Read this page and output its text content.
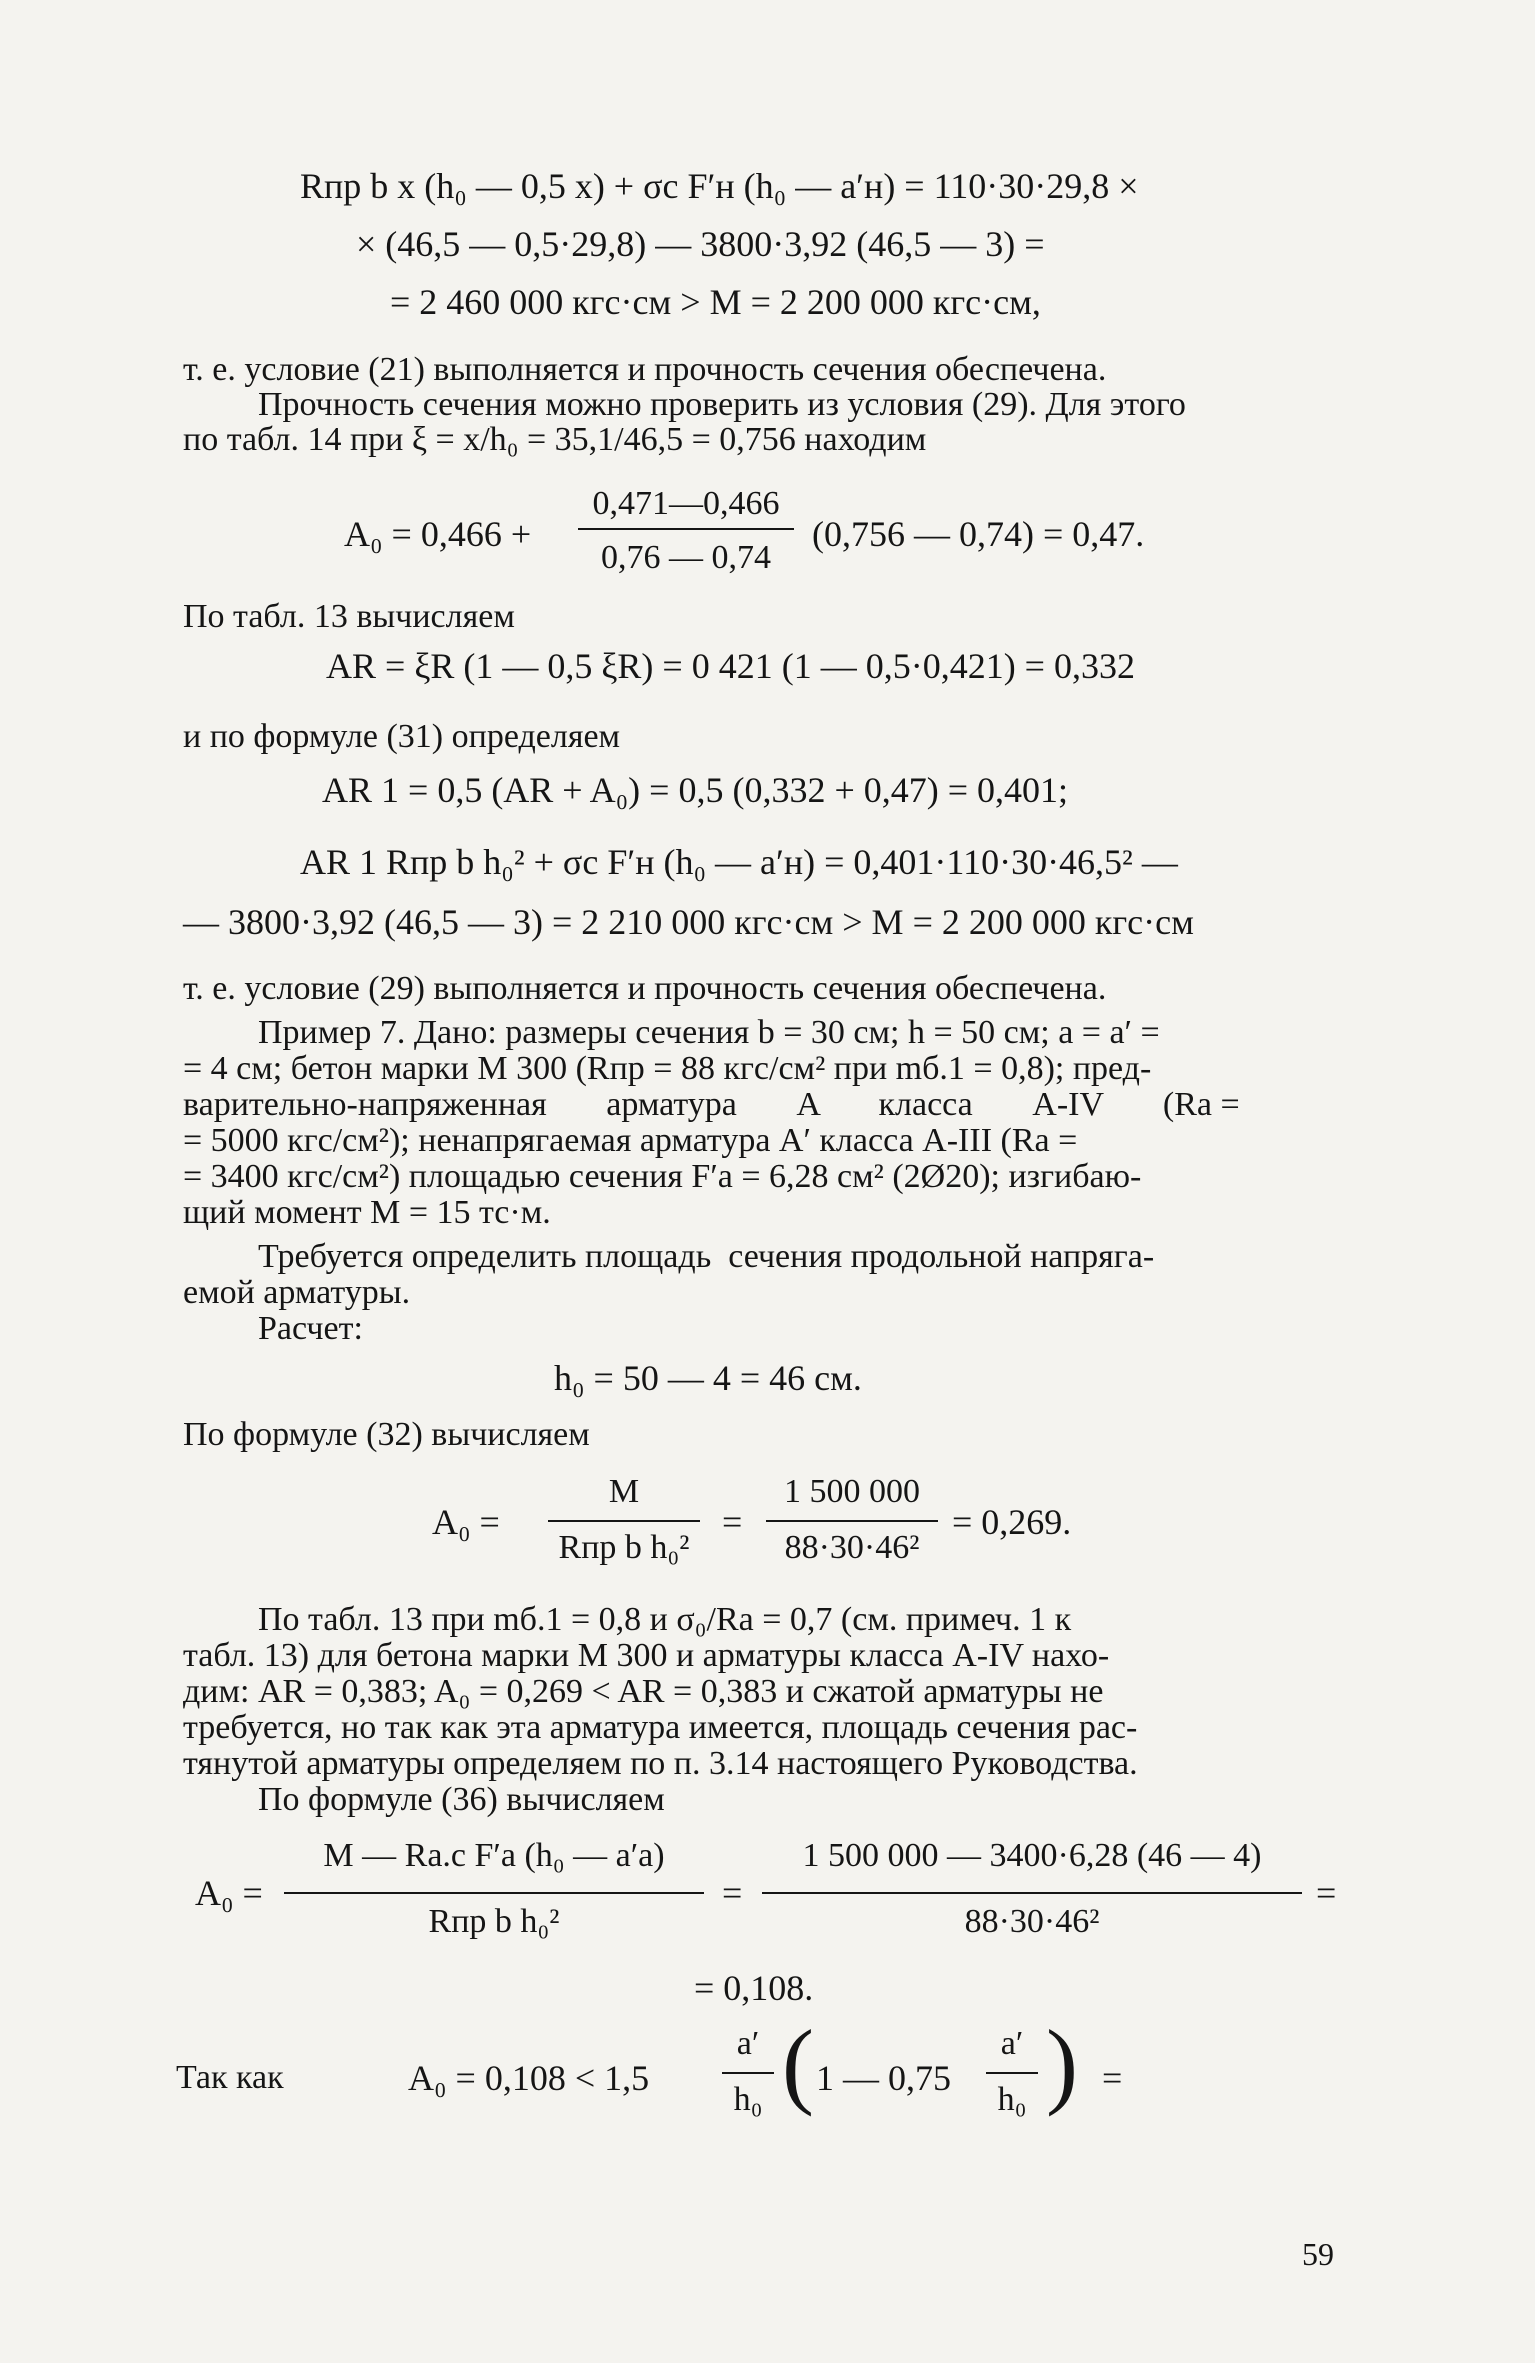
Rпр b x (h₀ — 0,5 x) + σс F′н (h₀ — a′н) = 110·30·29,8 ×
× (46,5 — 0,5·29,8) — 3800·3,92 (46,5 — 3) =
= 2 460 000 кгс·см > M = 2 200 000 кгс·см,
т. е. условие (21) выполняется и прочность сечения обеспечена.
Прочность сечения можно проверить из условия (29). Для этого
по табл. 14 при ξ = x/h₀ = 35,1/46,5 = 0,756 находим
A₀ = 0,466 +
0,471—0,466
0,76 — 0,74
(0,756 — 0,74) = 0,47.
По табл. 13 вычисляем
AR = ξR (1 — 0,5 ξR) = 0 421 (1 — 0,5·0,421) = 0,332
и по формуле (31) определяем
AR 1 = 0,5 (AR + A₀) = 0,5 (0,332 + 0,47) = 0,401;
AR 1 Rпр b h₀² + σс F′н (h₀ — a′н) = 0,401·110·30·46,5² —
— 3800·3,92 (46,5 — 3) = 2 210 000 кгс·см > M = 2 200 000 кгс·см
т. е. условие (29) выполняется и прочность сечения обеспечена.
Пример 7. Дано: размеры сечения b = 30 см; h = 50 см; a = a′ =
= 4 см; бетон марки М 300 (Rпр = 88 кгс/см² при mб.1 = 0,8); пред-
варительно-напряженная       арматура       A       класса       A-IV       (Rа =
= 5000 кгс/см²); ненапрягаемая арматура A′ класса A-III (Rа =
= 3400 кгс/см²) площадью сечения F′а = 6,28 см² (2Ø20); изгибаю-
щий момент M = 15 тс·м.
Требуется определить площадь  сечения продольной напряга-
емой арматуры.
Расчет:
h₀ = 50 — 4 = 46 см.
По формуле (32) вычисляем
A₀ =
M
Rпр b h₀²
=
1 500 000
88·30·46²
= 0,269.
По табл. 13 при mб.1 = 0,8 и σ₀/Rа = 0,7 (см. примеч. 1 к
табл. 13) для бетона марки М 300 и арматуры класса A-IV нахо-
дим: AR = 0,383; A₀ = 0,269 < AR = 0,383 и сжатой арматуры не
требуется, но так как эта арматура имеется, площадь сечения рас-
тянутой арматуры определяем по п. 3.14 настоящего Руководства.
По формуле (36) вычисляем
A₀ =
M — Rа.с F′а (h₀ — a′а)
Rпр b h₀²
=
1 500 000 — 3400·6,28 (46 — 4)
88·30·46²
=
= 0,108.
Так как	A₀ = 0,108 < 1,5
a′
h₀ ( 1 — 0,75
a′
h₀ ) =
59
